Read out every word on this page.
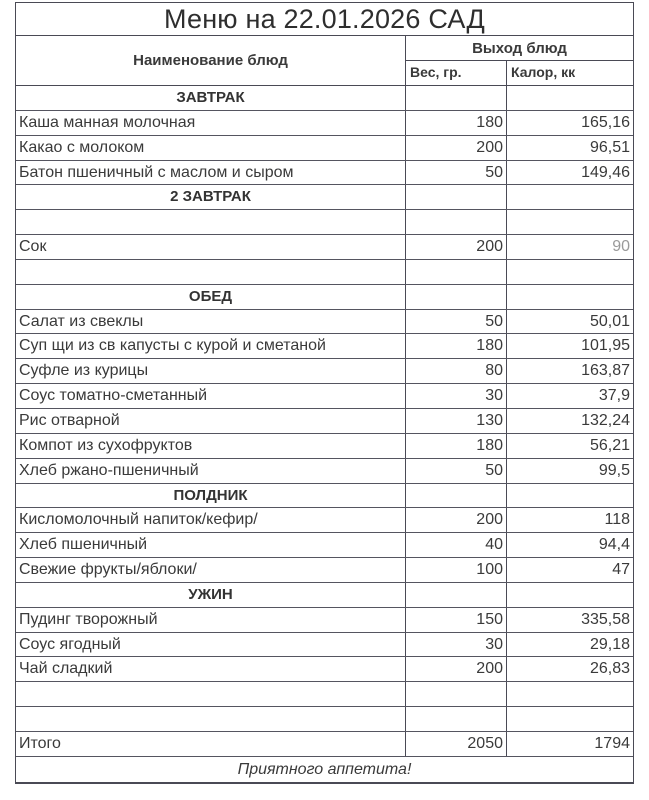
Меню на 22.01.2026 САД
Наименование блюд
Выход блюд
Вес, гр.	Калор, кк
ЗАВТРАК
Каша манная молочная	180	165,16
Какао с молоком	200	96,51
Батон пшеничный с маслом и сыром	50	149,46
2 ЗАВТРАК
Сок	200	90
ОБЕД
Салат из свеклы	50	50,01
Суп щи из св капусты с курой и сметаной	180	101,95
Суфле из курицы	80	163,87
Соус томатно-сметанный	30	37,9
Рис отварной	130	132,24
Компот из сухофруктов	180	56,21
Хлеб ржано-пшеничный	50	99,5
ПОЛДНИК
Кисломолочный напиток/кефир/	200	118
Хлеб пшеничный	40	94,4
Свежие фрукты/яблоки/	100	47
УЖИН
Пудинг творожный	150	335,58
Соус ягодный	30	29,18
Чай сладкий	200	26,83
Итого	2050	1794
Приятного аппетита!
